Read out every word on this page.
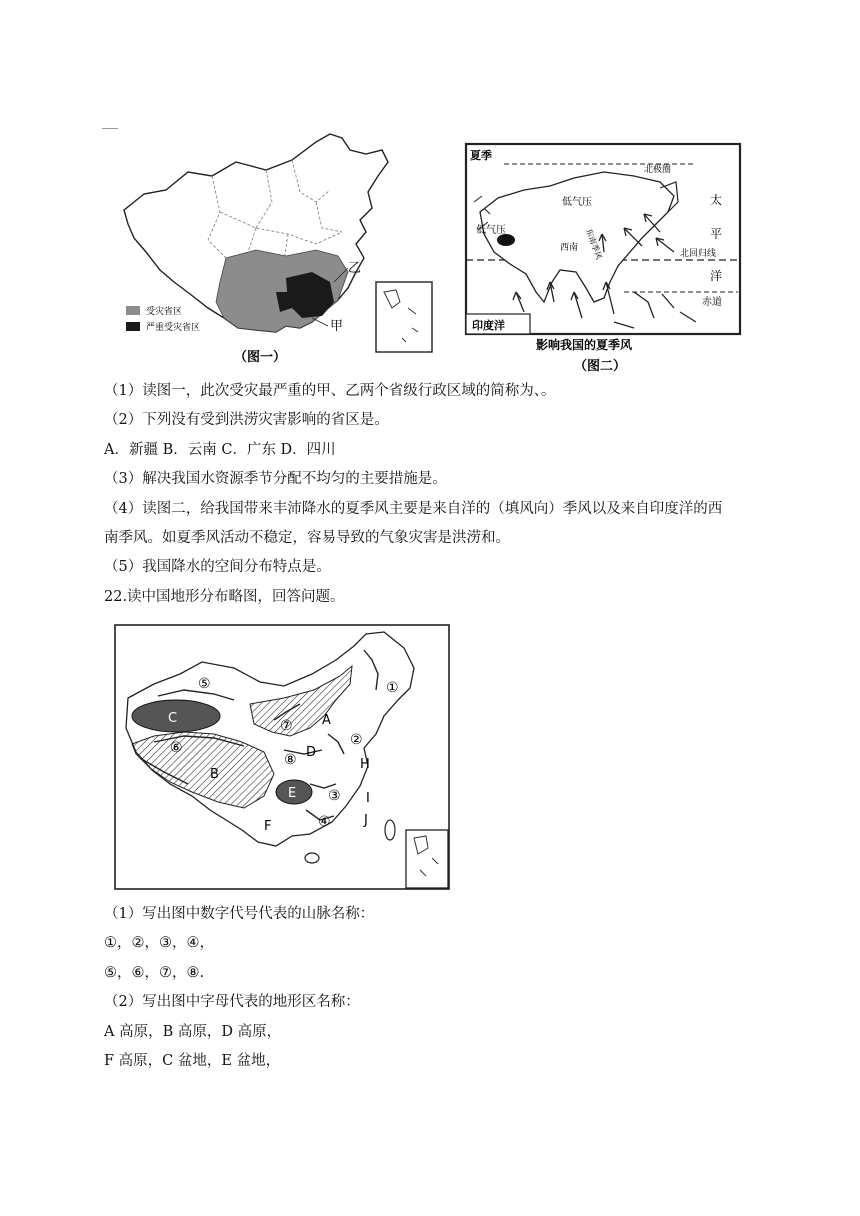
乙
甲
受灾省区
严重受灾省区
（图一）
夏季
北极圈
北回归线
赤道
太
平
洋
低气压
低气压
东南季风
西南
印度洋
影响我国的夏季风
（图二）
（1）读图一，此次受灾最严重的甲、乙两个省级行政区域的简称为、。
（2）下列没有受到洪涝灾害影响的省区是。
A．新疆 B．云南 C．广东 D．四川
（3）解决我国水资源季节分配不均匀的主要措施是。
（4）读图二，给我国带来丰沛降水的夏季风主要是来自洋的（填风向）季风以及来自印度洋的西
南季风。如夏季风活动不稳定，容易导致的气象灾害是洪涝和。
（5）我国降水的空间分布特点是。
22.读中国地形分布略图，回答问题。
①
②
③
④
⑤
⑥
⑦
⑧
A
B
C
D
E
F
H
I
J
（1）写出图中数字代号代表的山脉名称：
①，②，③，④，
⑤，⑥，⑦，⑧.
（2）写出图中字母代表的地形区名称：
A 高原，B 高原，D 高原，
F 高原，C 盆地，E 盆地，
